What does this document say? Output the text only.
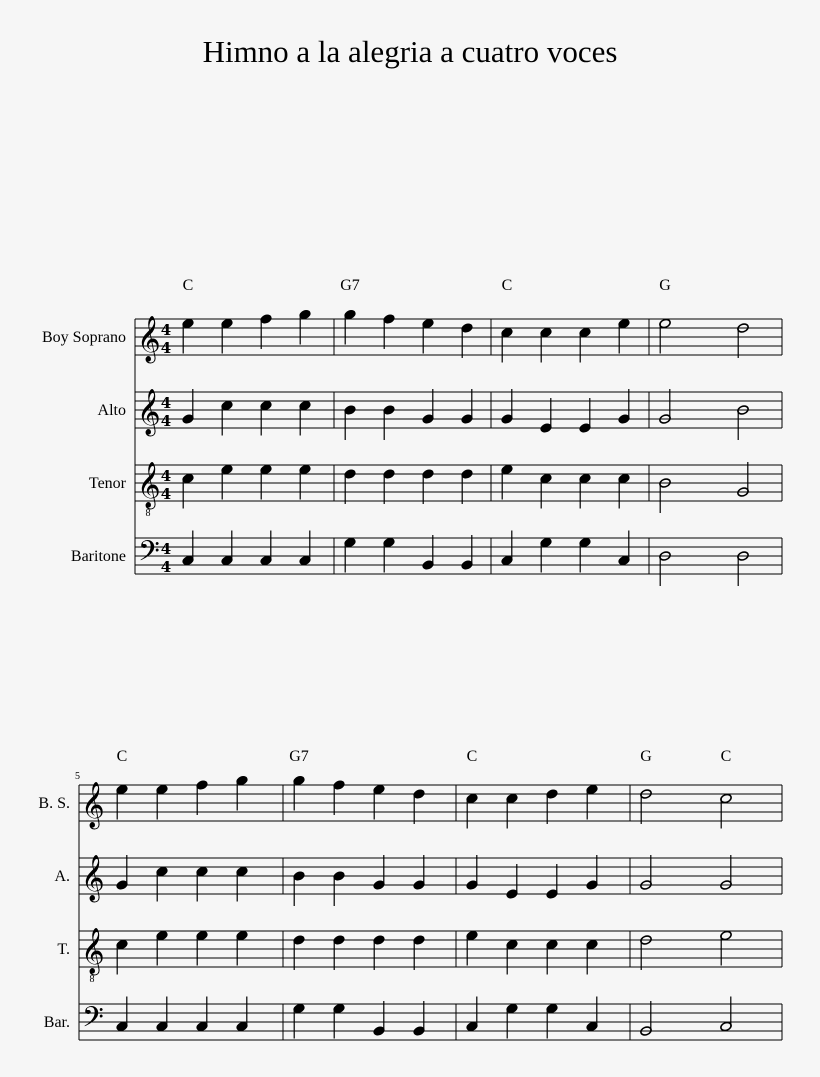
Himno a la alegria a cuatro voces
C	G7	C	G
Boy Soprano 𝄞 4
4
Alto 𝄞 4
4
Tenor 𝄞
8
4
4
Baritone 𝄢 4
4
C	G7	C	G	C
5
B. S. 𝄞
A. 𝄞
T. 𝄞
8
Bar. 𝄢
